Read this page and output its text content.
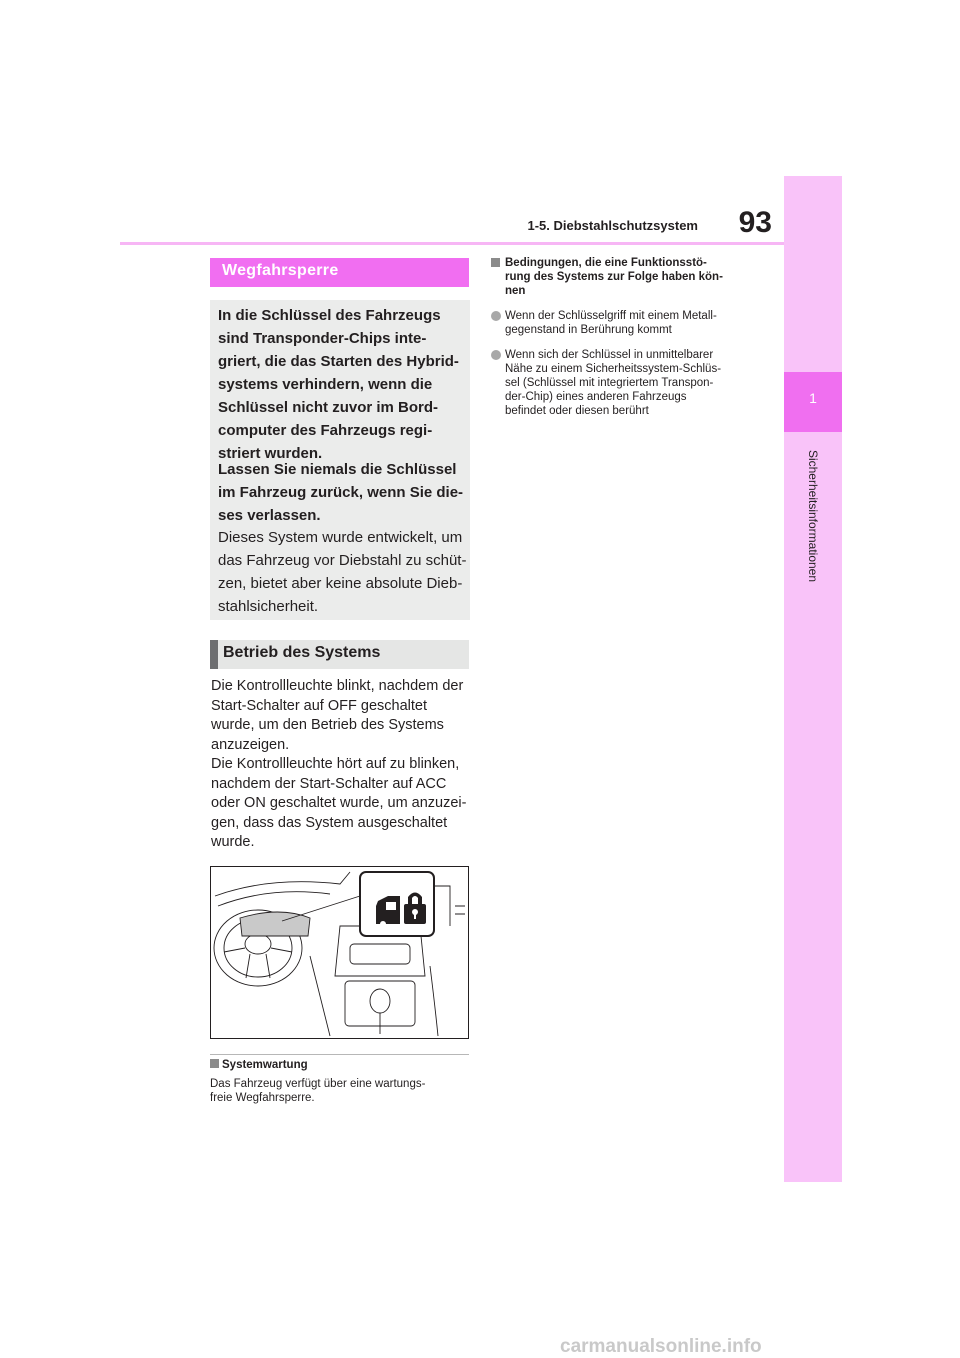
93
1-5. Diebstahlschutzsystem
1
Sicherheitsinformationen
Wegfahrsperre

In die Schlüssel des Fahrzeugs sind Transponder-Chips inte-griert, die das Starten des Hybrid-systems verhindern, wenn die Schlüssel nicht zuvor im Bord-computer des Fahrzeugs regi-striert wurden.

Lassen Sie niemals die Schlüssel im Fahrzeug zurück, wenn Sie die-ses verlassen.

Dieses System wurde entwickelt, um das Fahrzeug vor Diebstahl zu schüt-zen, bietet aber keine absolute Dieb-stahlsicherheit.

Betrieb des Systems
Die Kontrollleuchte blinkt, nachdem der
Start-Schalter auf OFF geschaltet
wurde, um den Betrieb des Systems
anzuzeigen.
Die Kontrollleuchte hört auf zu blinken,
nachdem der Start-Schalter auf ACC
oder ON geschaltet wurde, um anzuzei-
gen, dass das System ausgeschaltet
wurde.
Systemwartung
Das Fahrzeug verfügt über eine wartungs-
freie Wegfahrsperre.

Bedingungen, die eine Funktionsstö-
rung des Systems zur Folge haben kön-
nen

Wenn der Schlüsselgriff mit einem Metall-
gegenstand in Berührung kommt
Wenn sich der Schlüssel in unmittelbarer
Nähe zu einem Sicherheitssystem-Schlüs-
sel (Schlüssel mit integriertem Transpon-
der-Chip) eines anderen Fahrzeugs
befindet oder diesen berührt
carmanualsonline.info
